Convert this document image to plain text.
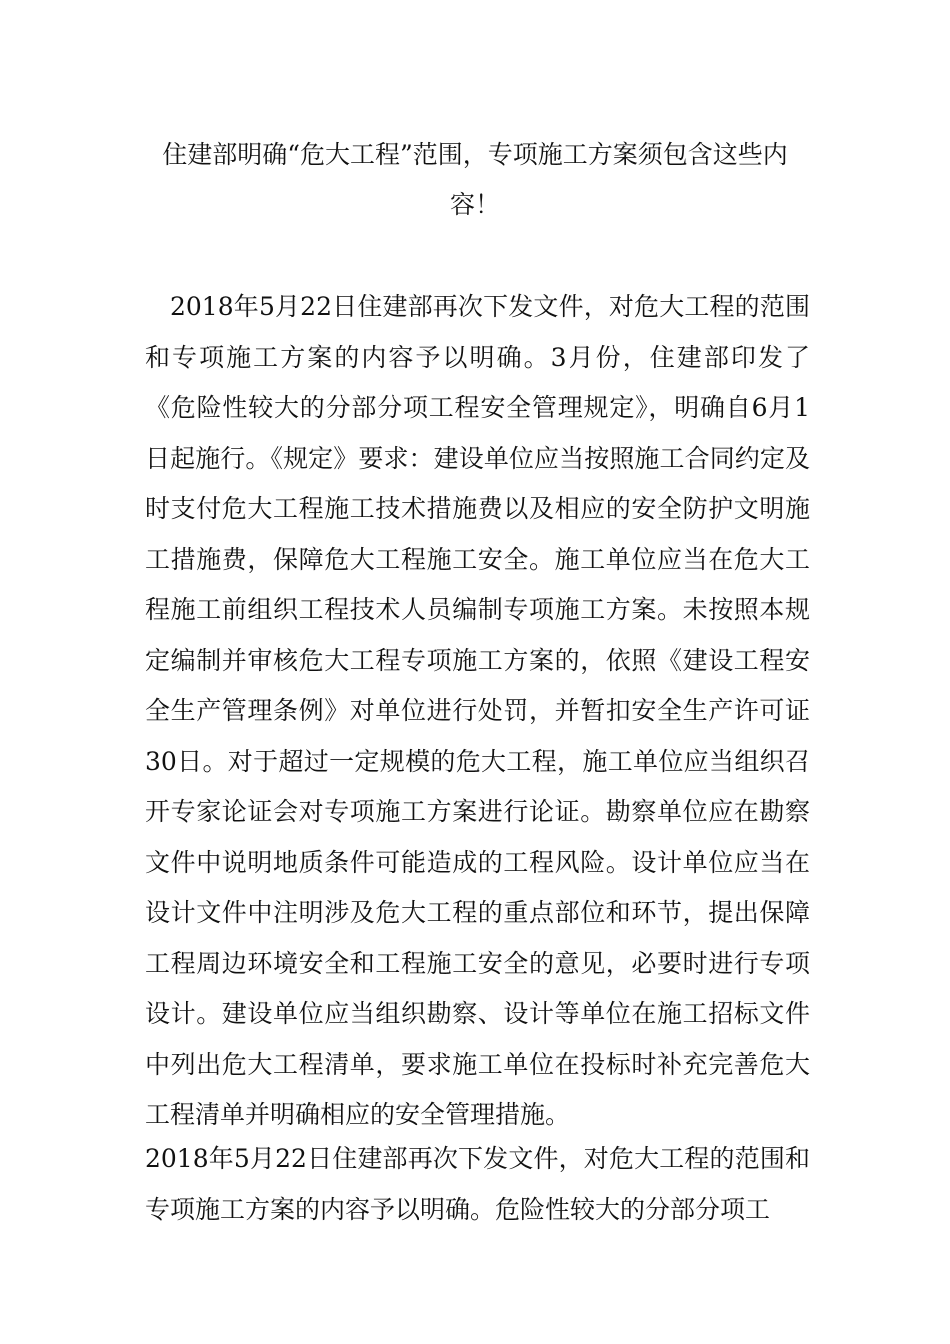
住建部明确“危大工程”范围，专项施工方案须包含这些内容！

2018年5月22日住建部再次下发文件，对危大工程的范围和专项施工方案的内容予以明确。3月份，住建部印发了《危险性较大的分部分项工程安全管理规定》，明确自6月1日起施行。《规定》要求：建设单位应当按照施工合同约定及时支付危大工程施工技术措施费以及相应的安全防护文明施工措施费，保障危大工程施工安全。施工单位应当在危大工程施工前组织工程技术人员编制专项施工方案。未按照本规定编制并审核危大工程专项施工方案的，依照《建设工程安全生产管理条例》对单位进行处罚，并暂扣安全生产许可证30日。对于超过一定规模的危大工程，施工单位应当组织召开专家论证会对专项施工方案进行论证。勘察单位应在勘察文件中说明地质条件可能造成的工程风险。设计单位应当在设计文件中注明涉及危大工程的重点部位和环节，提出保障工程周边环境安全和工程施工安全的意见，必要时进行专项设计。建设单位应当组织勘察、设计等单位在施工招标文件中列出危大工程清单，要求施工单位在投标时补充完善危大工程清单并明确相应的安全管理措施。

2018年5月22日住建部再次下发文件，对危大工程的范围和专项施工方案的内容予以明确。危险性较大的分部分项工
